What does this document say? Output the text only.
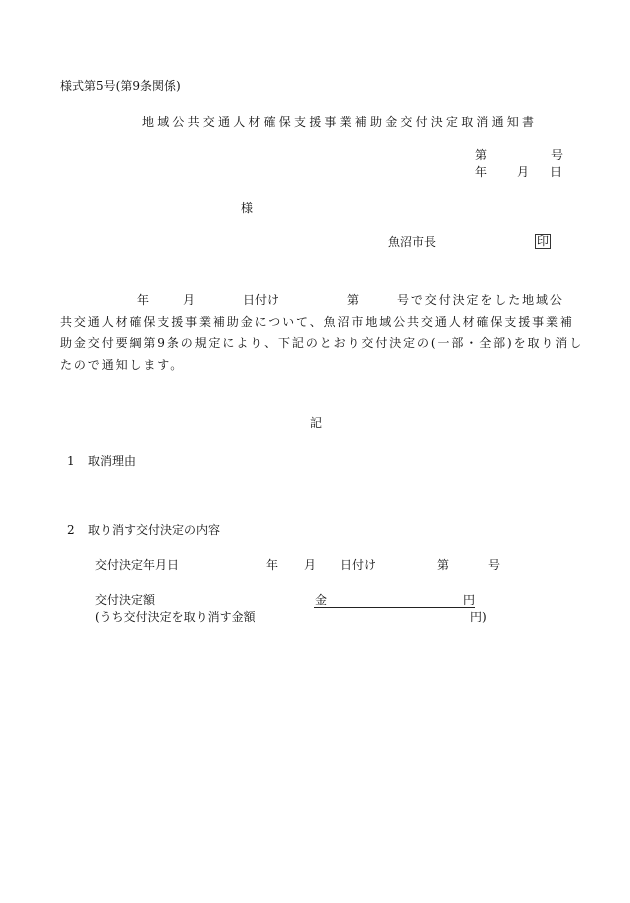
様式第5号(第9条関係)
地域公共交通人材確保支援事業補助金交付決定取消通知書
第	号
年 月 日
様
魚沼市長	印
年	月	日付け	第	号で交付決定をした地域公
共交通人材確保支援事業補助金について、魚沼市地域公共交通人材確保支援事業補
助金交付要綱第9条の規定により、下記のとおり交付決定の(一部・全部)を取り消し
たので通知します。
記
1 取消理由
2 取り消す交付決定の内容
交付決定年月日	年 月 日付け	第	号
交付決定額	金	円
(うち交付決定を取り消す金額	円)
